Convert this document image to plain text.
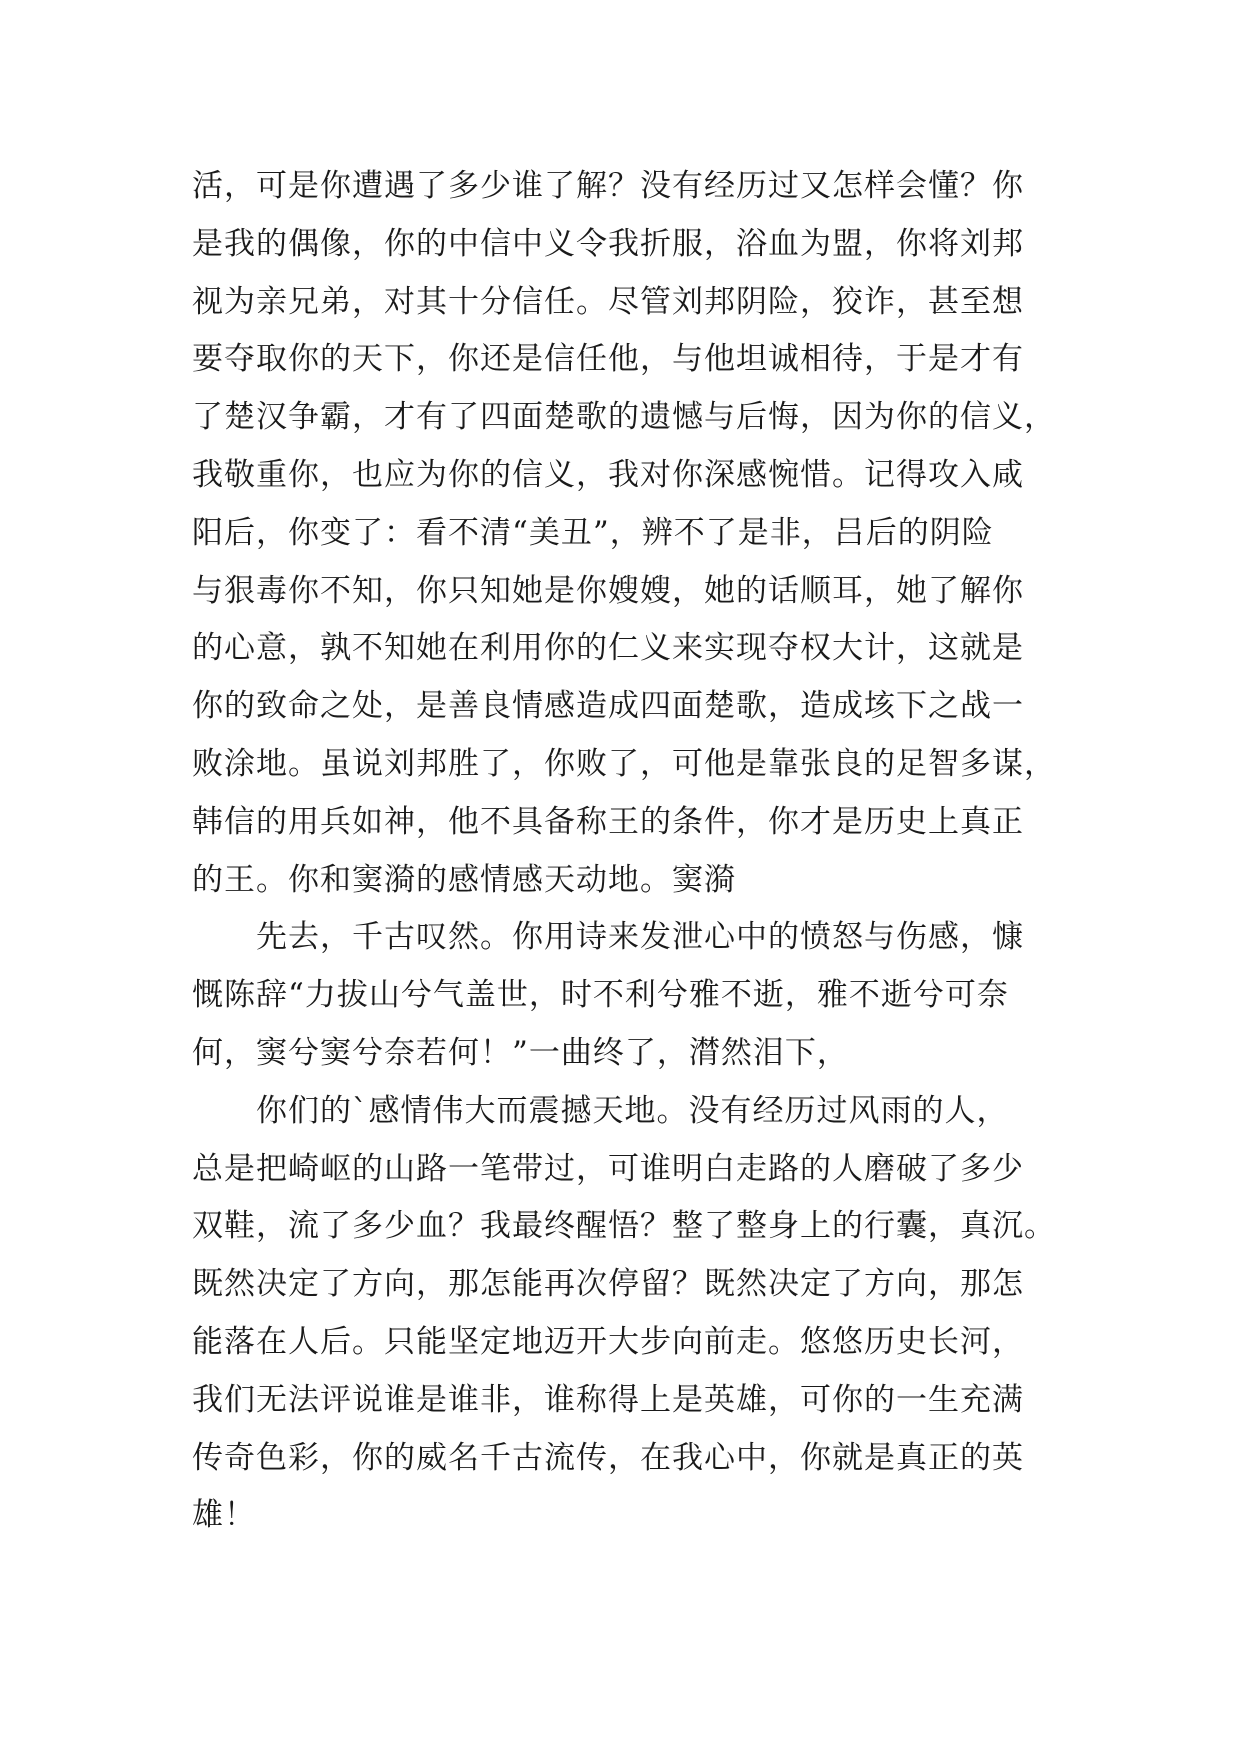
活，可是你遭遇了多少谁了解？没有经历过又怎样会懂？你
是我的偶像，你的中信中义令我折服，浴血为盟，你将刘邦
视为亲兄弟，对其十分信任。尽管刘邦阴险，狡诈，甚至想
要夺取你的天下，你还是信任他，与他坦诚相待，于是才有
了楚汉争霸，才有了四面楚歌的遗憾与后悔，因为你的信义，
我敬重你，也应为你的信义，我对你深感惋惜。记得攻入咸
阳后，你变了：看不清“美丑”，辨不了是非，吕后的阴险
与狠毒你不知，你只知她是你嫂嫂，她的话顺耳，她了解你
的心意，孰不知她在利用你的仁义来实现夺权大计，这就是
你的致命之处，是善良情感造成四面楚歌，造成垓下之战一
败涂地。虽说刘邦胜了，你败了，可他是靠张良的足智多谋，
韩信的用兵如神，他不具备称王的条件，你才是历史上真正
的王。你和窦漪的感情感天动地。窦漪
先去，千古叹然。你用诗来发泄心中的愤怒与伤感，慷
慨陈辞“力拔山兮气盖世，时不利兮雅不逝，雅不逝兮可奈
何，窦兮窦兮奈若何！”一曲终了，潸然泪下，
你们的`感情伟大而震撼天地。没有经历过风雨的人，
总是把崎岖的山路一笔带过，可谁明白走路的人磨破了多少
双鞋，流了多少血？我最终醒悟？整了整身上的行囊，真沉。
既然决定了方向，那怎能再次停留？既然决定了方向，那怎
能落在人后。只能坚定地迈开大步向前走。悠悠历史长河，
我们无法评说谁是谁非，谁称得上是英雄，可你的一生充满
传奇色彩，你的威名千古流传，在我心中，你就是真正的英
雄！
